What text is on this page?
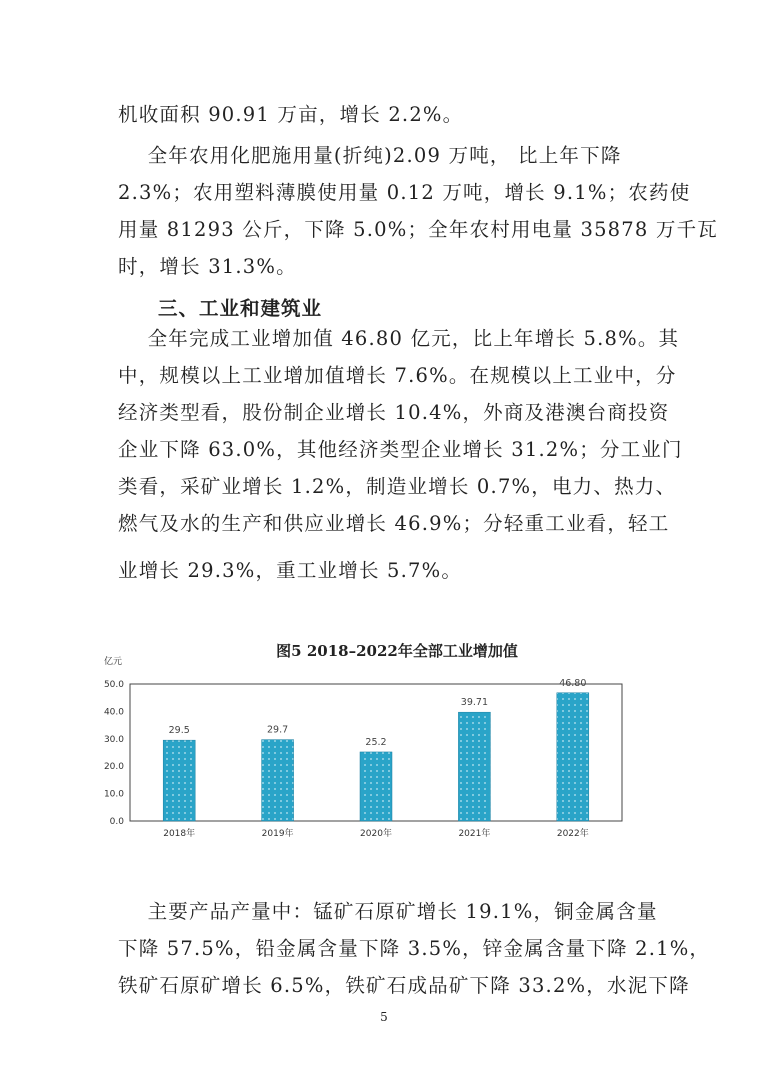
机收面积 90.91 万亩，增长 2.2%。
全年农用化肥施用量(折纯)2.09 万吨， 比上年下降
2.3%；农用塑料薄膜使用量 0.12 万吨，增长 9.1%；农药使
用量 81293 公斤，下降 5.0%；全年农村用电量 35878 万千瓦
时，增长 31.3%。
三、工业和建筑业
全年完成工业增加值 46.80 亿元，比上年增长 5.8%。其
中，规模以上工业增加值增长 7.6%。在规模以上工业中，分
经济类型看，股份制企业增长 10.4%，外商及港澳台商投资
企业下降 63.0%，其他经济类型企业增长 31.2%；分工业门
类看，采矿业增长 1.2%，制造业增长 0.7%，电力、热力、
燃气及水的生产和供应业增长 46.9%；分轻重工业看，轻工
业增长 29.3%，重工业增长 5.7%。
图5 2018–2022年全部工业增加值
亿元
0.0
10.0
20.0
30.0
40.0
50.0
29.5	29.7
25.2
39.71
46.80
2018年	2019年	2020年	2021年	2022年
5
主要产品产量中：锰矿石原矿增长 19.1%，铜金属含量
下降 57.5%，铅金属含量下降 3.5%，锌金属含量下降 2.1%，
铁矿石原矿增长 6.5%，铁矿石成品矿下降 33.2%，水泥下降
